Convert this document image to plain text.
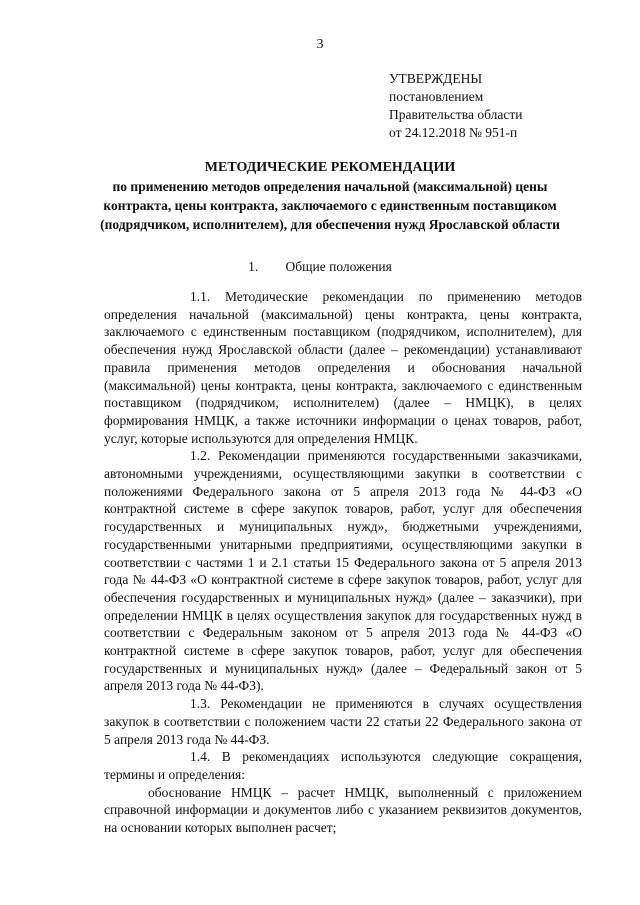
3
УТВЕРЖДЕНЫ
постановлением
Правительства области
от 24.12.2018 № 951-п
МЕТОДИЧЕСКИЕ РЕКОМЕНДАЦИИ
по применению методов определения начальной (максимальной) цены контракта, цены контракта, заключаемого с единственным поставщиком (подрядчиком, исполнителем), для обеспечения нужд Ярославской области
1. Общие положения

1.1. Методические рекомендации по применению методов определения начальной (максимальной) цены контракта, цены контракта, заключаемого с единственным поставщиком (подрядчиком, исполнителем), для обеспечения нужд Ярославской области (далее – рекомендации) устанавливают правила применения методов определения и обоснования начальной (максимальной) цены контракта, цены контракта, заключаемого с единственным поставщиком (подрядчиком, исполнителем) (далее – НМЦК), в целях формирования НМЦК, а также источники информации о ценах товаров, работ, услуг, которые используются для определения НМЦК.

1.2. Рекомендации применяются государственными заказчиками, автономными учреждениями, осуществляющими закупки в соответствии с положениями Федерального закона от 5 апреля 2013 года № 44-ФЗ «О контрактной системе в сфере закупок товаров, работ, услуг для обеспечения государственных и муниципальных нужд», бюджетными учреждениями, государственными унитарными предприятиями, осуществляющими закупки в соответствии с частями 1 и 2.1 статьи 15 Федерального закона от 5 апреля 2013 года № 44-ФЗ «О контрактной системе в сфере закупок товаров, работ, услуг для обеспечения государственных и муниципальных нужд» (далее – заказчики), при определении НМЦК в целях осуществления закупок для государственных нужд в соответствии с Федеральным законом от 5 апреля 2013 года № 44-ФЗ «О контрактной системе в сфере закупок товаров, работ, услуг для обеспечения государственных и муниципальных нужд» (далее – Федеральный закон от 5 апреля 2013 года № 44-ФЗ).

1.3. Рекомендации не применяются в случаях осуществления закупок в соответствии с положением части 22 статьи 22 Федерального закона от 5 апреля 2013 года № 44-ФЗ.

1.4. В рекомендациях используются следующие сокращения, термины и определения:

обоснование НМЦК – расчет НМЦК, выполненный с приложением справочной информации и документов либо с указанием реквизитов документов, на основании которых выполнен расчет;
